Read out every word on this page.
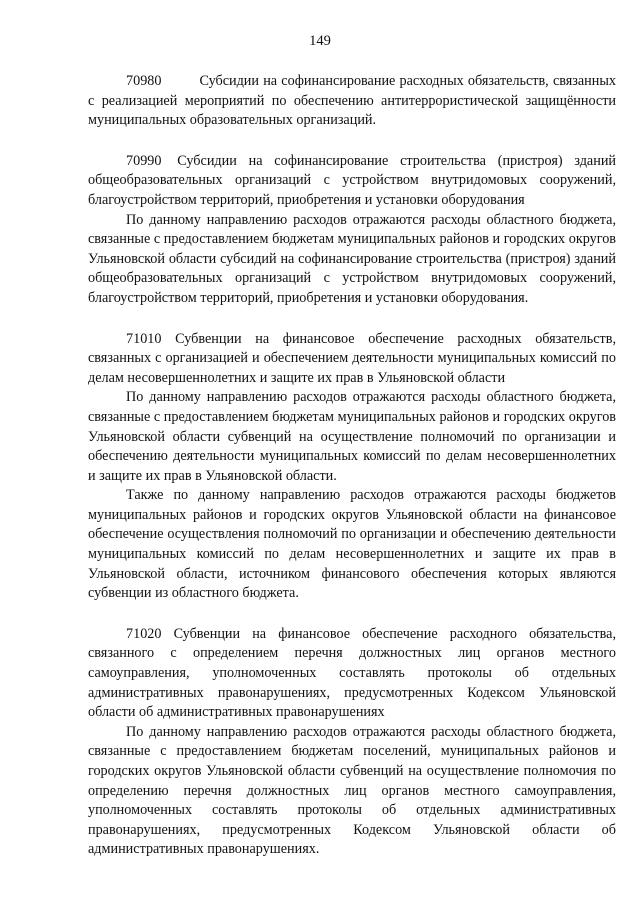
149

70980	Субсидии на софинансирование расходных обязательств, связанных с реализацией мероприятий по обеспечению антитеррористической защищённости муниципальных образовательных организаций.

70990 Субсидии на софинансирование строительства (пристроя) зданий общеобразовательных организаций с устройством внутридомовых сооружений, благоустройством территорий, приобретения и установки оборудования

По данному направлению расходов отражаются расходы областного бюджета, связанные с предоставлением бюджетам муниципальных районов и городских округов Ульяновской области субсидий на софинансирование строительства (пристроя) зданий общеобразовательных организаций с устройством внутридомовых сооружений, благоустройством территорий, приобретения и установки оборудования.

71010 Субвенции на финансовое обеспечение расходных обязательств, связанных с организацией и обеспечением деятельности муниципальных комиссий по делам несовершеннолетних и защите их прав в Ульяновской области

По данному направлению расходов отражаются расходы областного бюджета, связанные с предоставлением бюджетам муниципальных районов и городских округов Ульяновской области субвенций на осуществление полномочий по организации и обеспечению деятельности муниципальных комиссий по делам несовершеннолетних и защите их прав в Ульяновской области.

Также по данному направлению расходов отражаются расходы бюджетов муниципальных районов и городских округов Ульяновской области на финансовое обеспечение осуществления полномочий по организации и обеспечению деятельности муниципальных комиссий по делам несовершеннолетних и защите их прав в Ульяновской области, источником финансового обеспечения которых являются субвенции из областного бюджета.

71020 Субвенции на финансовое обеспечение расходного обязательства, связанного с определением перечня должностных лиц органов местного самоуправления, уполномоченных составлять протоколы об отдельных административных правонарушениях, предусмотренных Кодексом Ульяновской области об административных правонарушениях

По данному направлению расходов отражаются расходы областного бюджета, связанные с предоставлением бюджетам поселений, муниципальных районов и городских округов Ульяновской области субвенций на осуществление полномочия по определению перечня должностных лиц органов местного самоуправления, уполномоченных составлять протоколы об отдельных административных правонарушениях, предусмотренных Кодексом Ульяновской области об административных правонарушениях.
